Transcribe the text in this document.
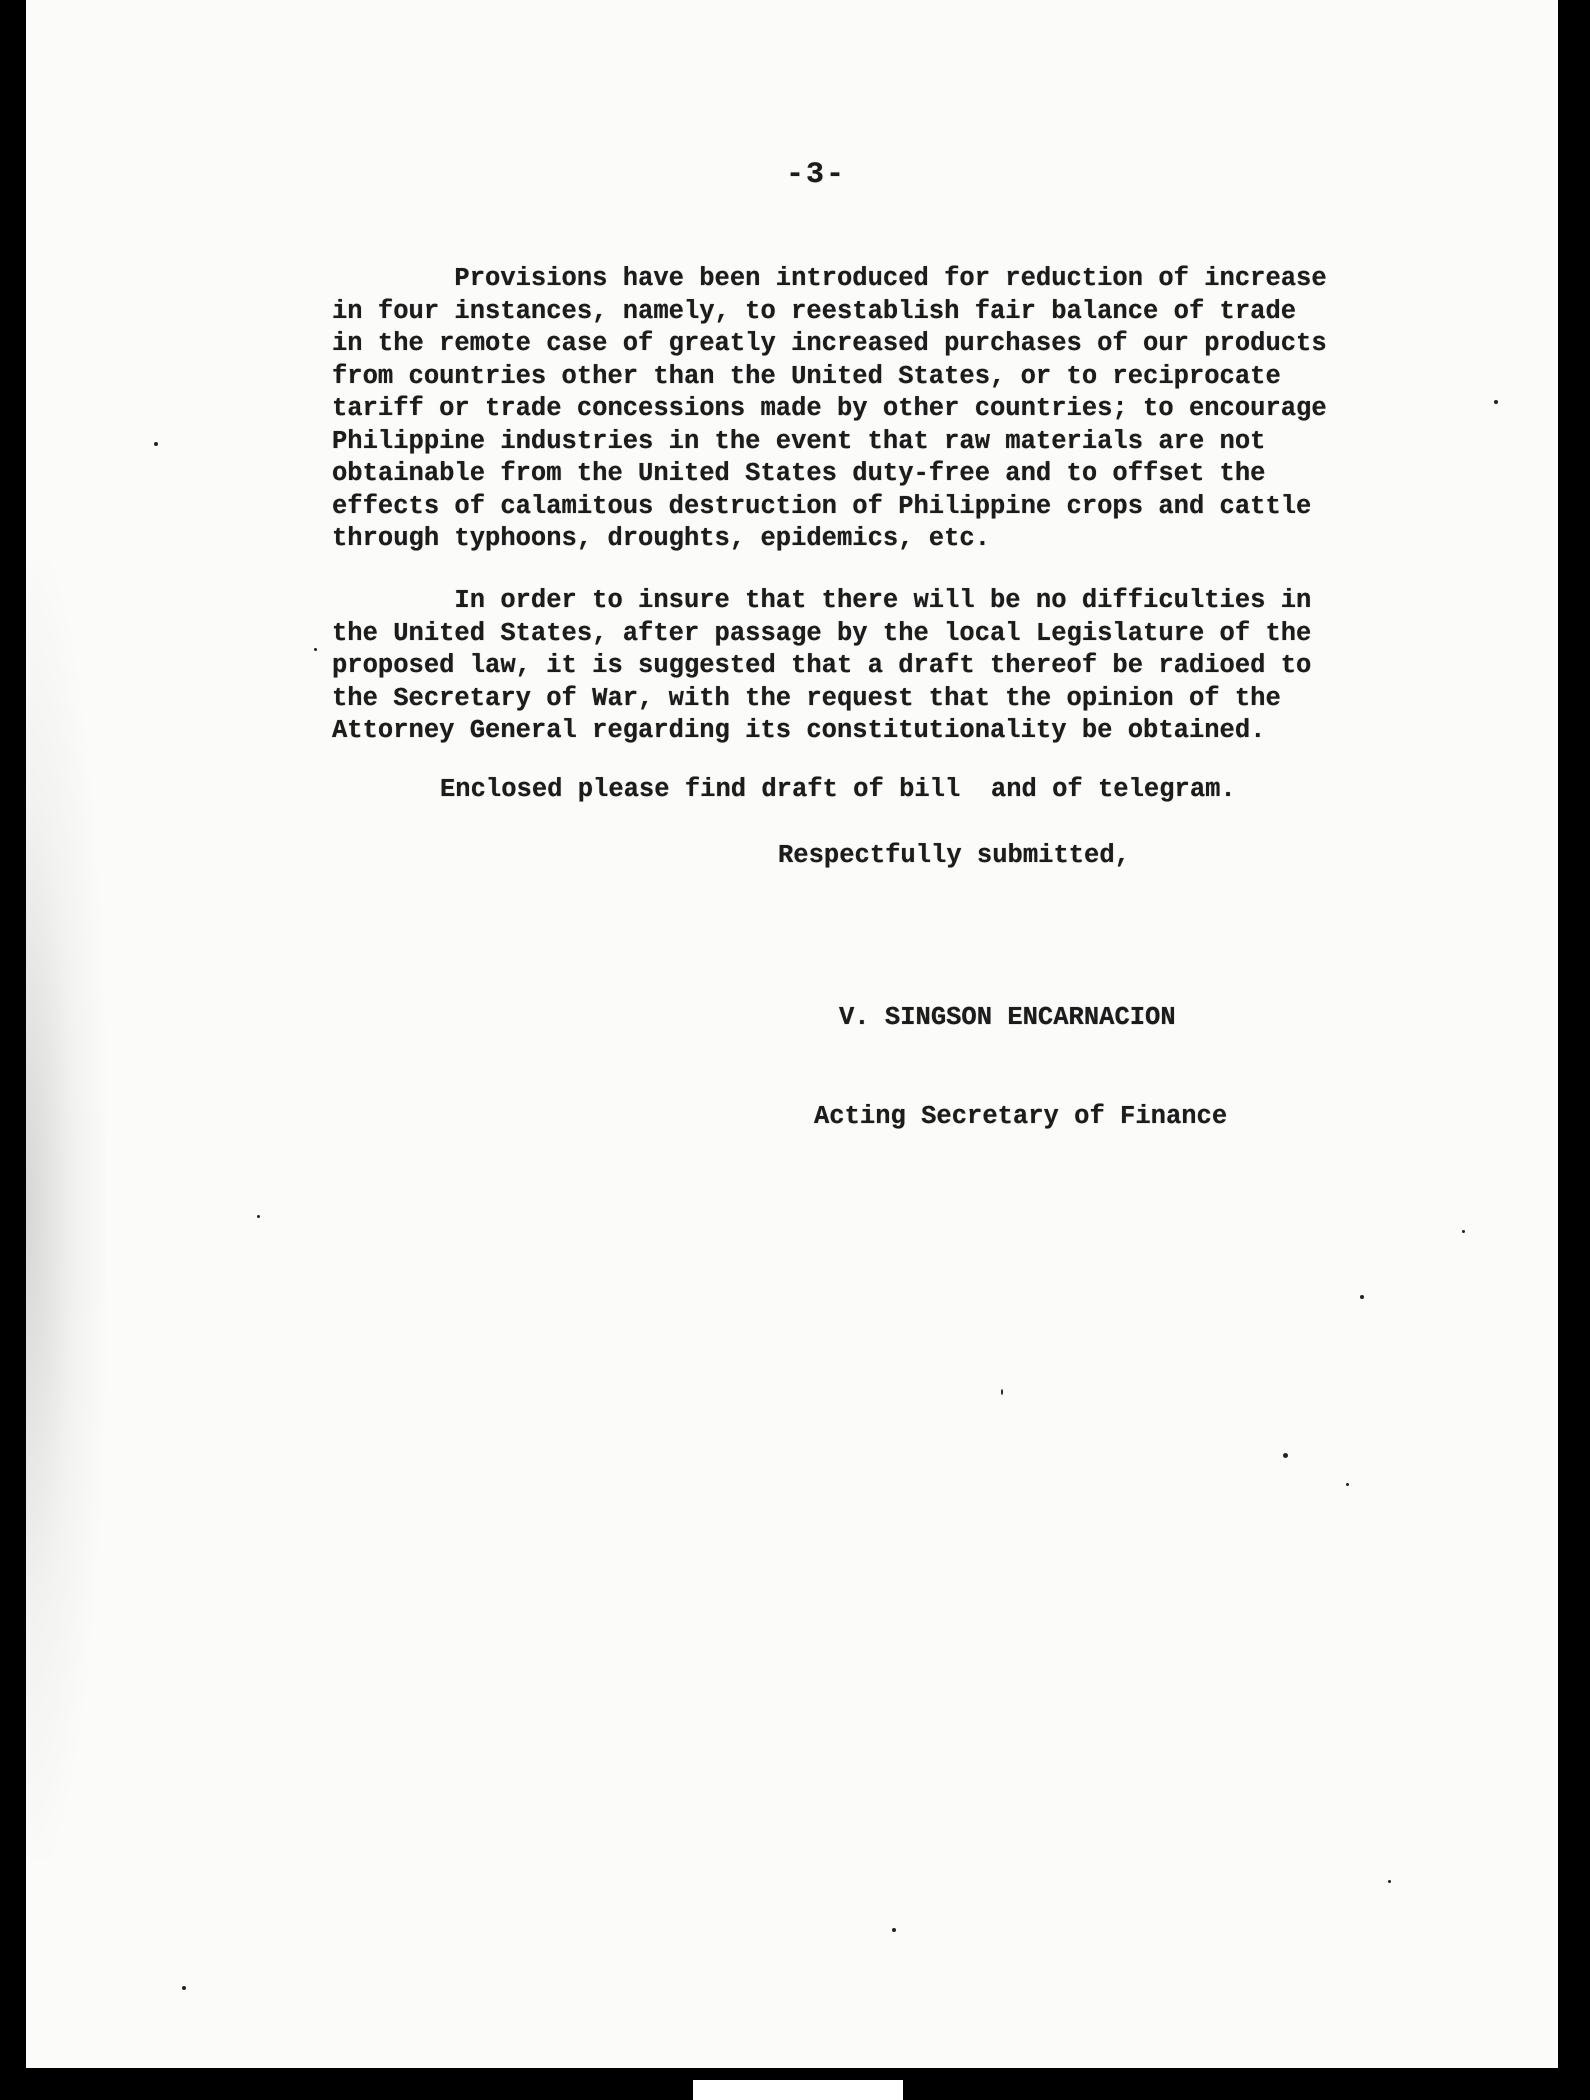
-3-

Provisions have been introduced for reduction of increase
in four instances, namely, to reestablish fair balance of trade
in the remote case of greatly increased purchases of our products
from countries other than the United States, or to reciprocate
tariff or trade concessions made by other countries; to encourage
Philippine industries in the event that raw materials are not
obtainable from the United States duty-free and to offset the
effects of calamitous destruction of Philippine crops and cattle
through typhoons, droughts, epidemics, etc.

In order to insure that there will be no difficulties in
the United States, after passage by the local Legislature of the
proposed law, it is suggested that a draft thereof be radioed to
the Secretary of War, with the request that the opinion of the
Attorney General regarding its constitutionality be obtained.

Enclosed please find draft of bill  and of telegram.

Respectfully submitted,

V. SINGSON ENCARNACION

Acting Secretary of Finance
